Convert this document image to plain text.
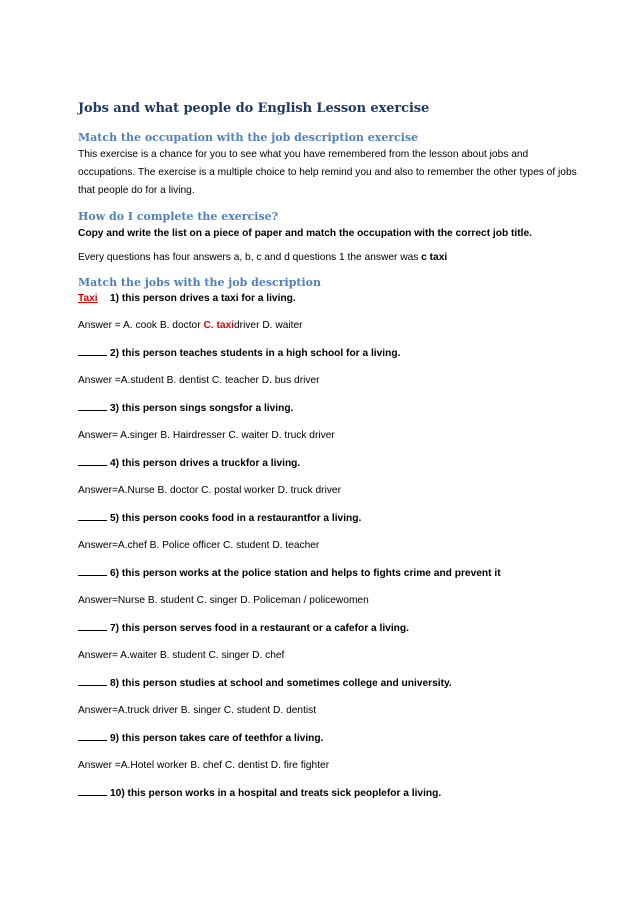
Jobs and what people do English Lesson exercise
Match the occupation with the job description exercise

This exercise is a chance for you to see what you have remembered from the lesson about jobs and occupations. The exercise is a multiple choice to help remind you and also to remember the other types of jobs that people do for a living.

How do I complete the exercise?

Copy and write the list on a piece of paper and match the occupation with the correct job title.

Every questions has four answers a, b, c and d questions 1 the answer was c taxi

Match the jobs with the job description

Taxi 1) this person drives a taxi for a living.

Answer = A. cook B. doctor C. taxidriver D. waiter

2) this person teaches students in a high school for a living.

Answer =A.student B. dentist C. teacher D. bus driver

3) this person sings songsfor a living.

Answer= A.singer B. Hairdresser C. waiter D. truck driver

4) this person drives a truckfor a living.

Answer=A.Nurse B. doctor C. postal worker D. truck driver

5) this person cooks food in a restaurantfor a living.

Answer=A.chef B. Police officer C. student D. teacher

6) this person works at the police station and helps to fights crime and prevent it

Answer=Nurse B. student C. singer D. Policeman / policewomen

7) this person serves food in a restaurant or a cafefor a living.

Answer= A.waiter B. student C. singer D. chef

8) this person studies at school and sometimes college and university.

Answer=A.truck driver B. singer C. student D. dentist

9) this person takes care of teethfor a living.

Answer =A.Hotel worker B. chef C. dentist D. fire fighter

10) this person works in a hospital and treats sick peoplefor a living.
